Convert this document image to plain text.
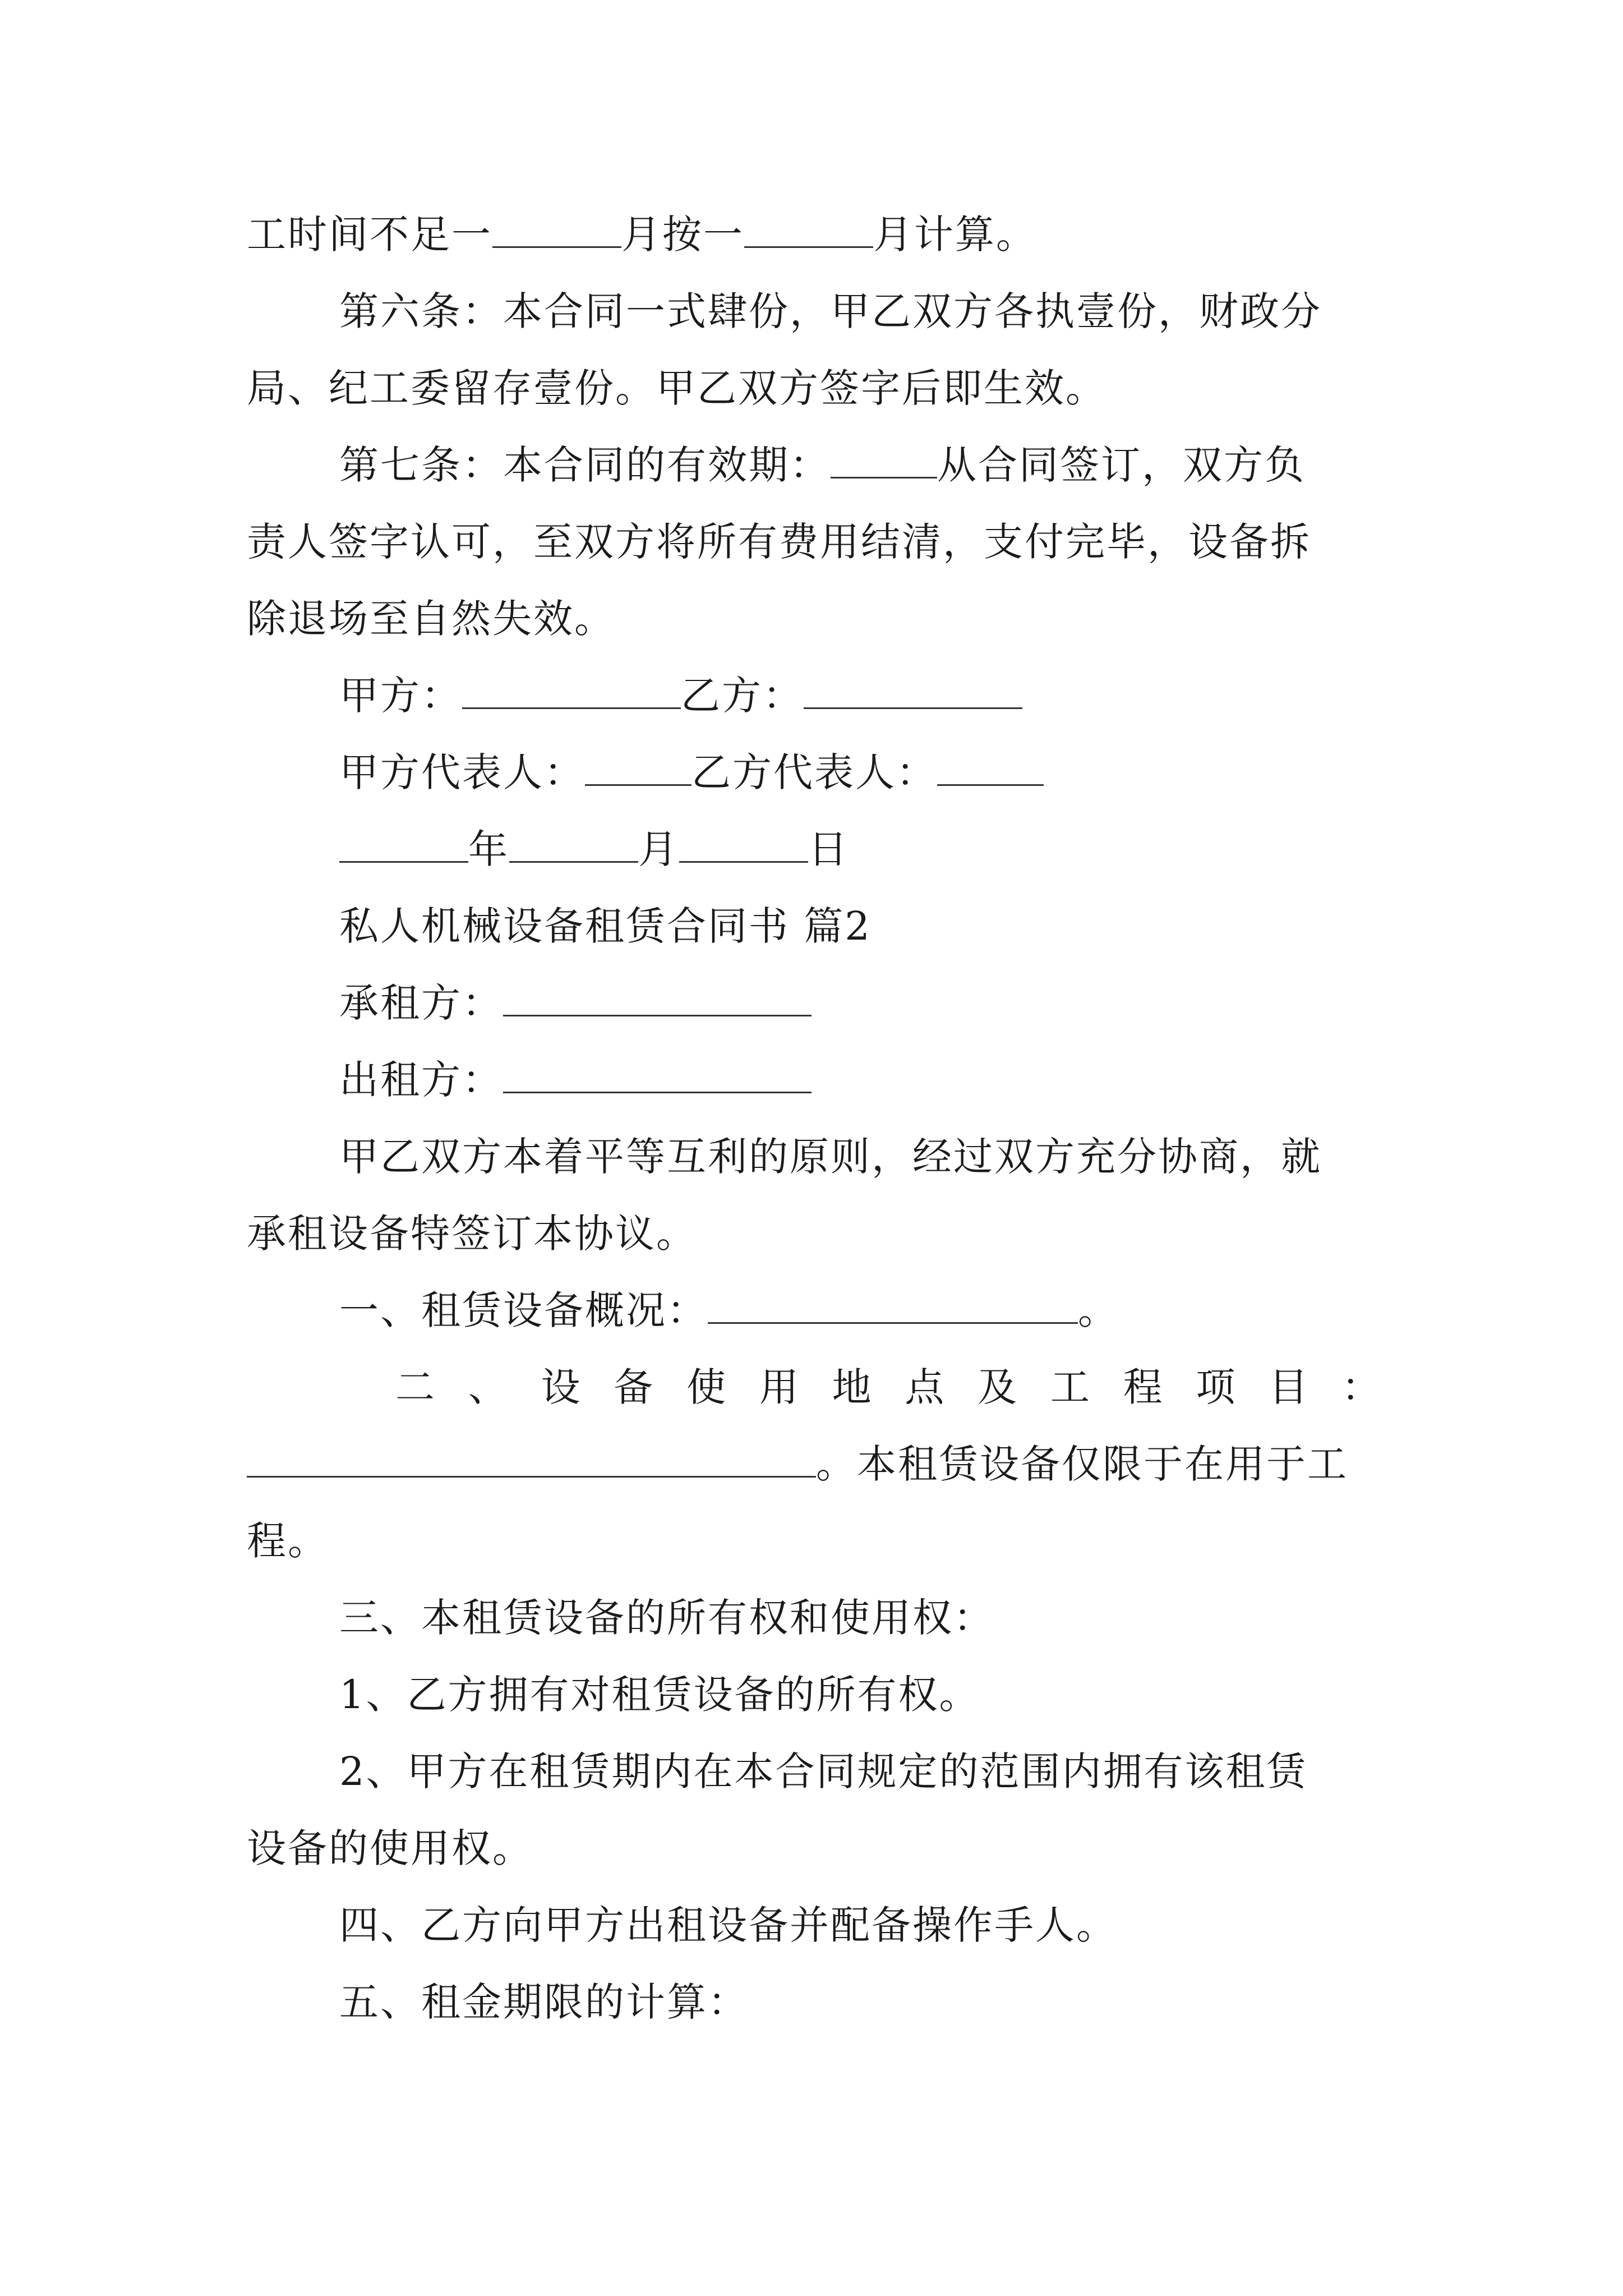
工时间不足一	月按一	月计算。
第六条：本合同一式肆份，甲乙双方各执壹份，财政分
局、纪工委留存壹份。甲乙双方签字后即生效。
第七条：本合同的有效期：	从合同签订，双方负
责人签字认可，至双方将所有费用结清，支付完毕，设备拆
除退场至自然失效。
甲方：	乙方：
甲方代表人：	乙方代表人：
年	月	日
私人机械设备租赁合同书 篇2
承租方：
出租方：
甲乙双方本着平等互利的原则，经过双方充分协商，就
承租设备特签订本协议。
一、租赁设备概况：	。
二 、 设 备 使 用 地 点 及 工 程 项 目 ：
。本租赁设备仅限于在用于工
程。
三、本租赁设备的所有权和使用权：
1、乙方拥有对租赁设备的所有权。
2、甲方在租赁期内在本合同规定的范围内拥有该租赁
设备的使用权。
四、乙方向甲方出租设备并配备操作手人。
五、租金期限的计算：
